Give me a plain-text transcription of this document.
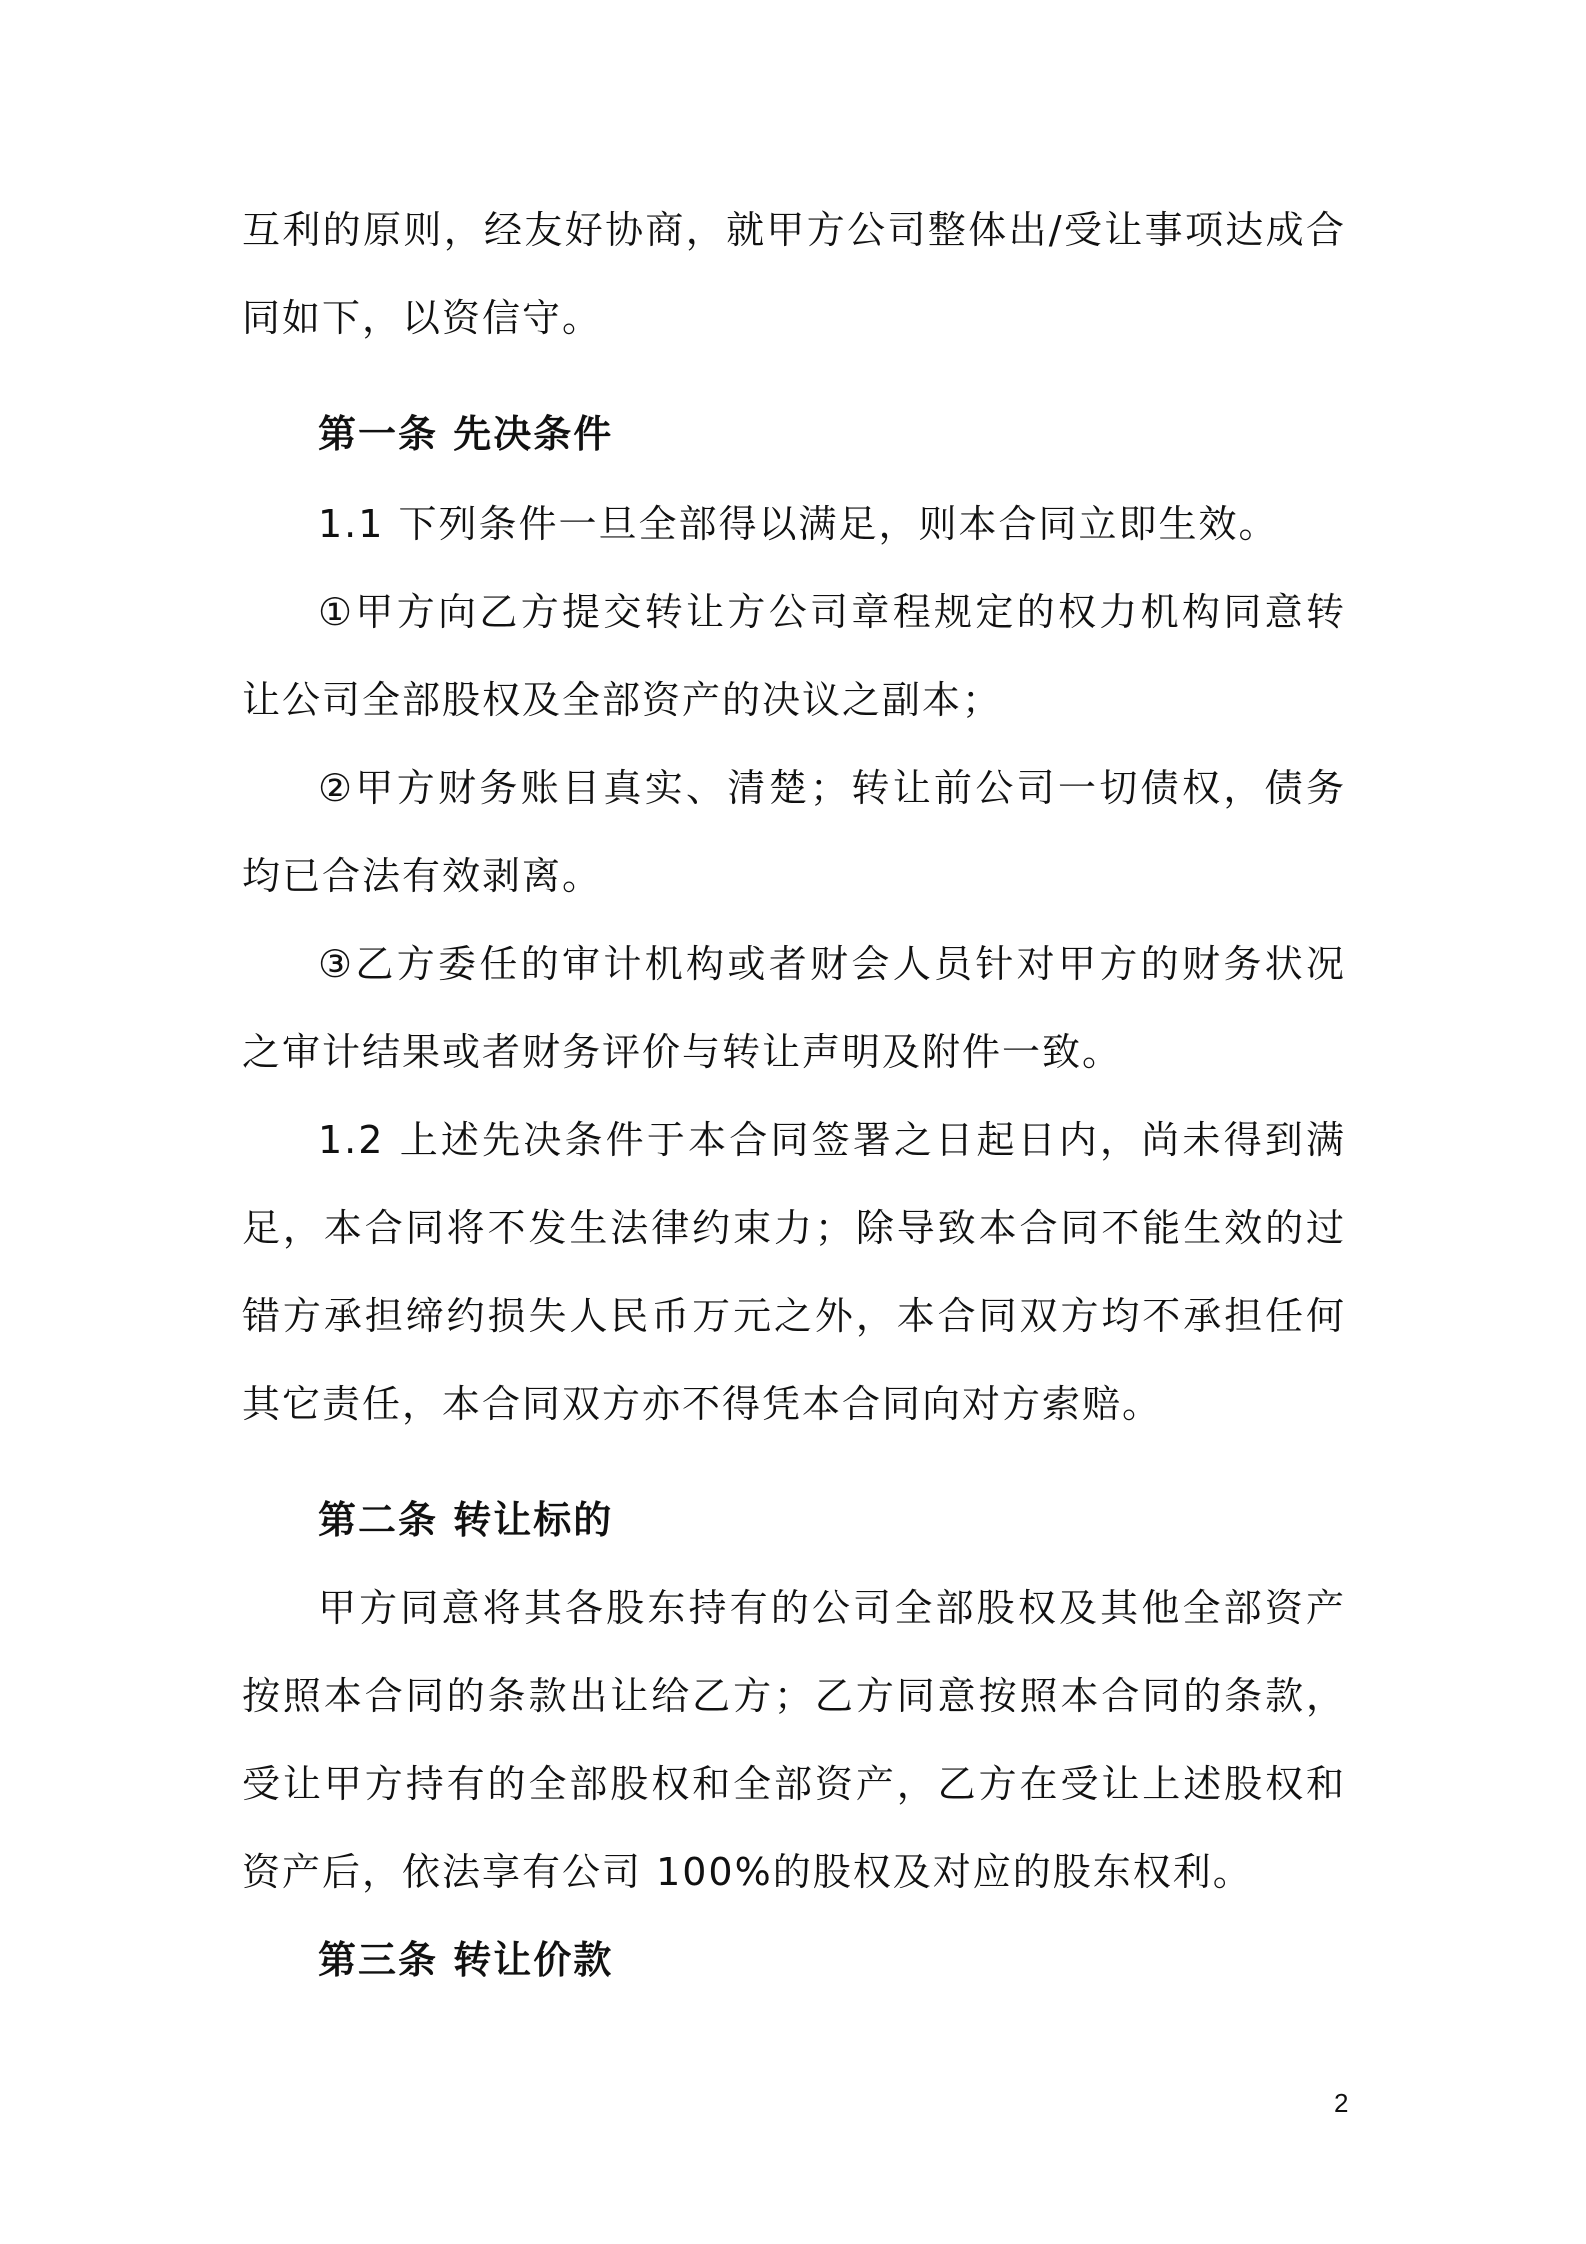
互利的原则，经友好协商，就甲方公司整体出/受让事项达成合同如下，以资信守。

第一条 先决条件

1.1 下列条件一旦全部得以满足，则本合同立即生效。

①甲方向乙方提交转让方公司章程规定的权力机构同意转让公司全部股权及全部资产的决议之副本；

②甲方财务账目真实、清楚；转让前公司一切债权，债务均已合法有效剥离。

③乙方委任的审计机构或者财会人员针对甲方的财务状况之审计结果或者财务评价与转让声明及附件一致。

1.2 上述先决条件于本合同签署之日起日内，尚未得到满足，本合同将不发生法律约束力；除导致本合同不能生效的过错方承担缔约损失人民币万元之外，本合同双方均不承担任何其它责任，本合同双方亦不得凭本合同向对方索赔。

第二条 转让标的

甲方同意将其各股东持有的公司全部股权及其他全部资产按照本合同的条款出让给乙方；乙方同意按照本合同的条款，受让甲方持有的全部股权和全部资产，乙方在受让上述股权和资产后，依法享有公司 100%的股权及对应的股东权利。

第三条 转让价款

2
